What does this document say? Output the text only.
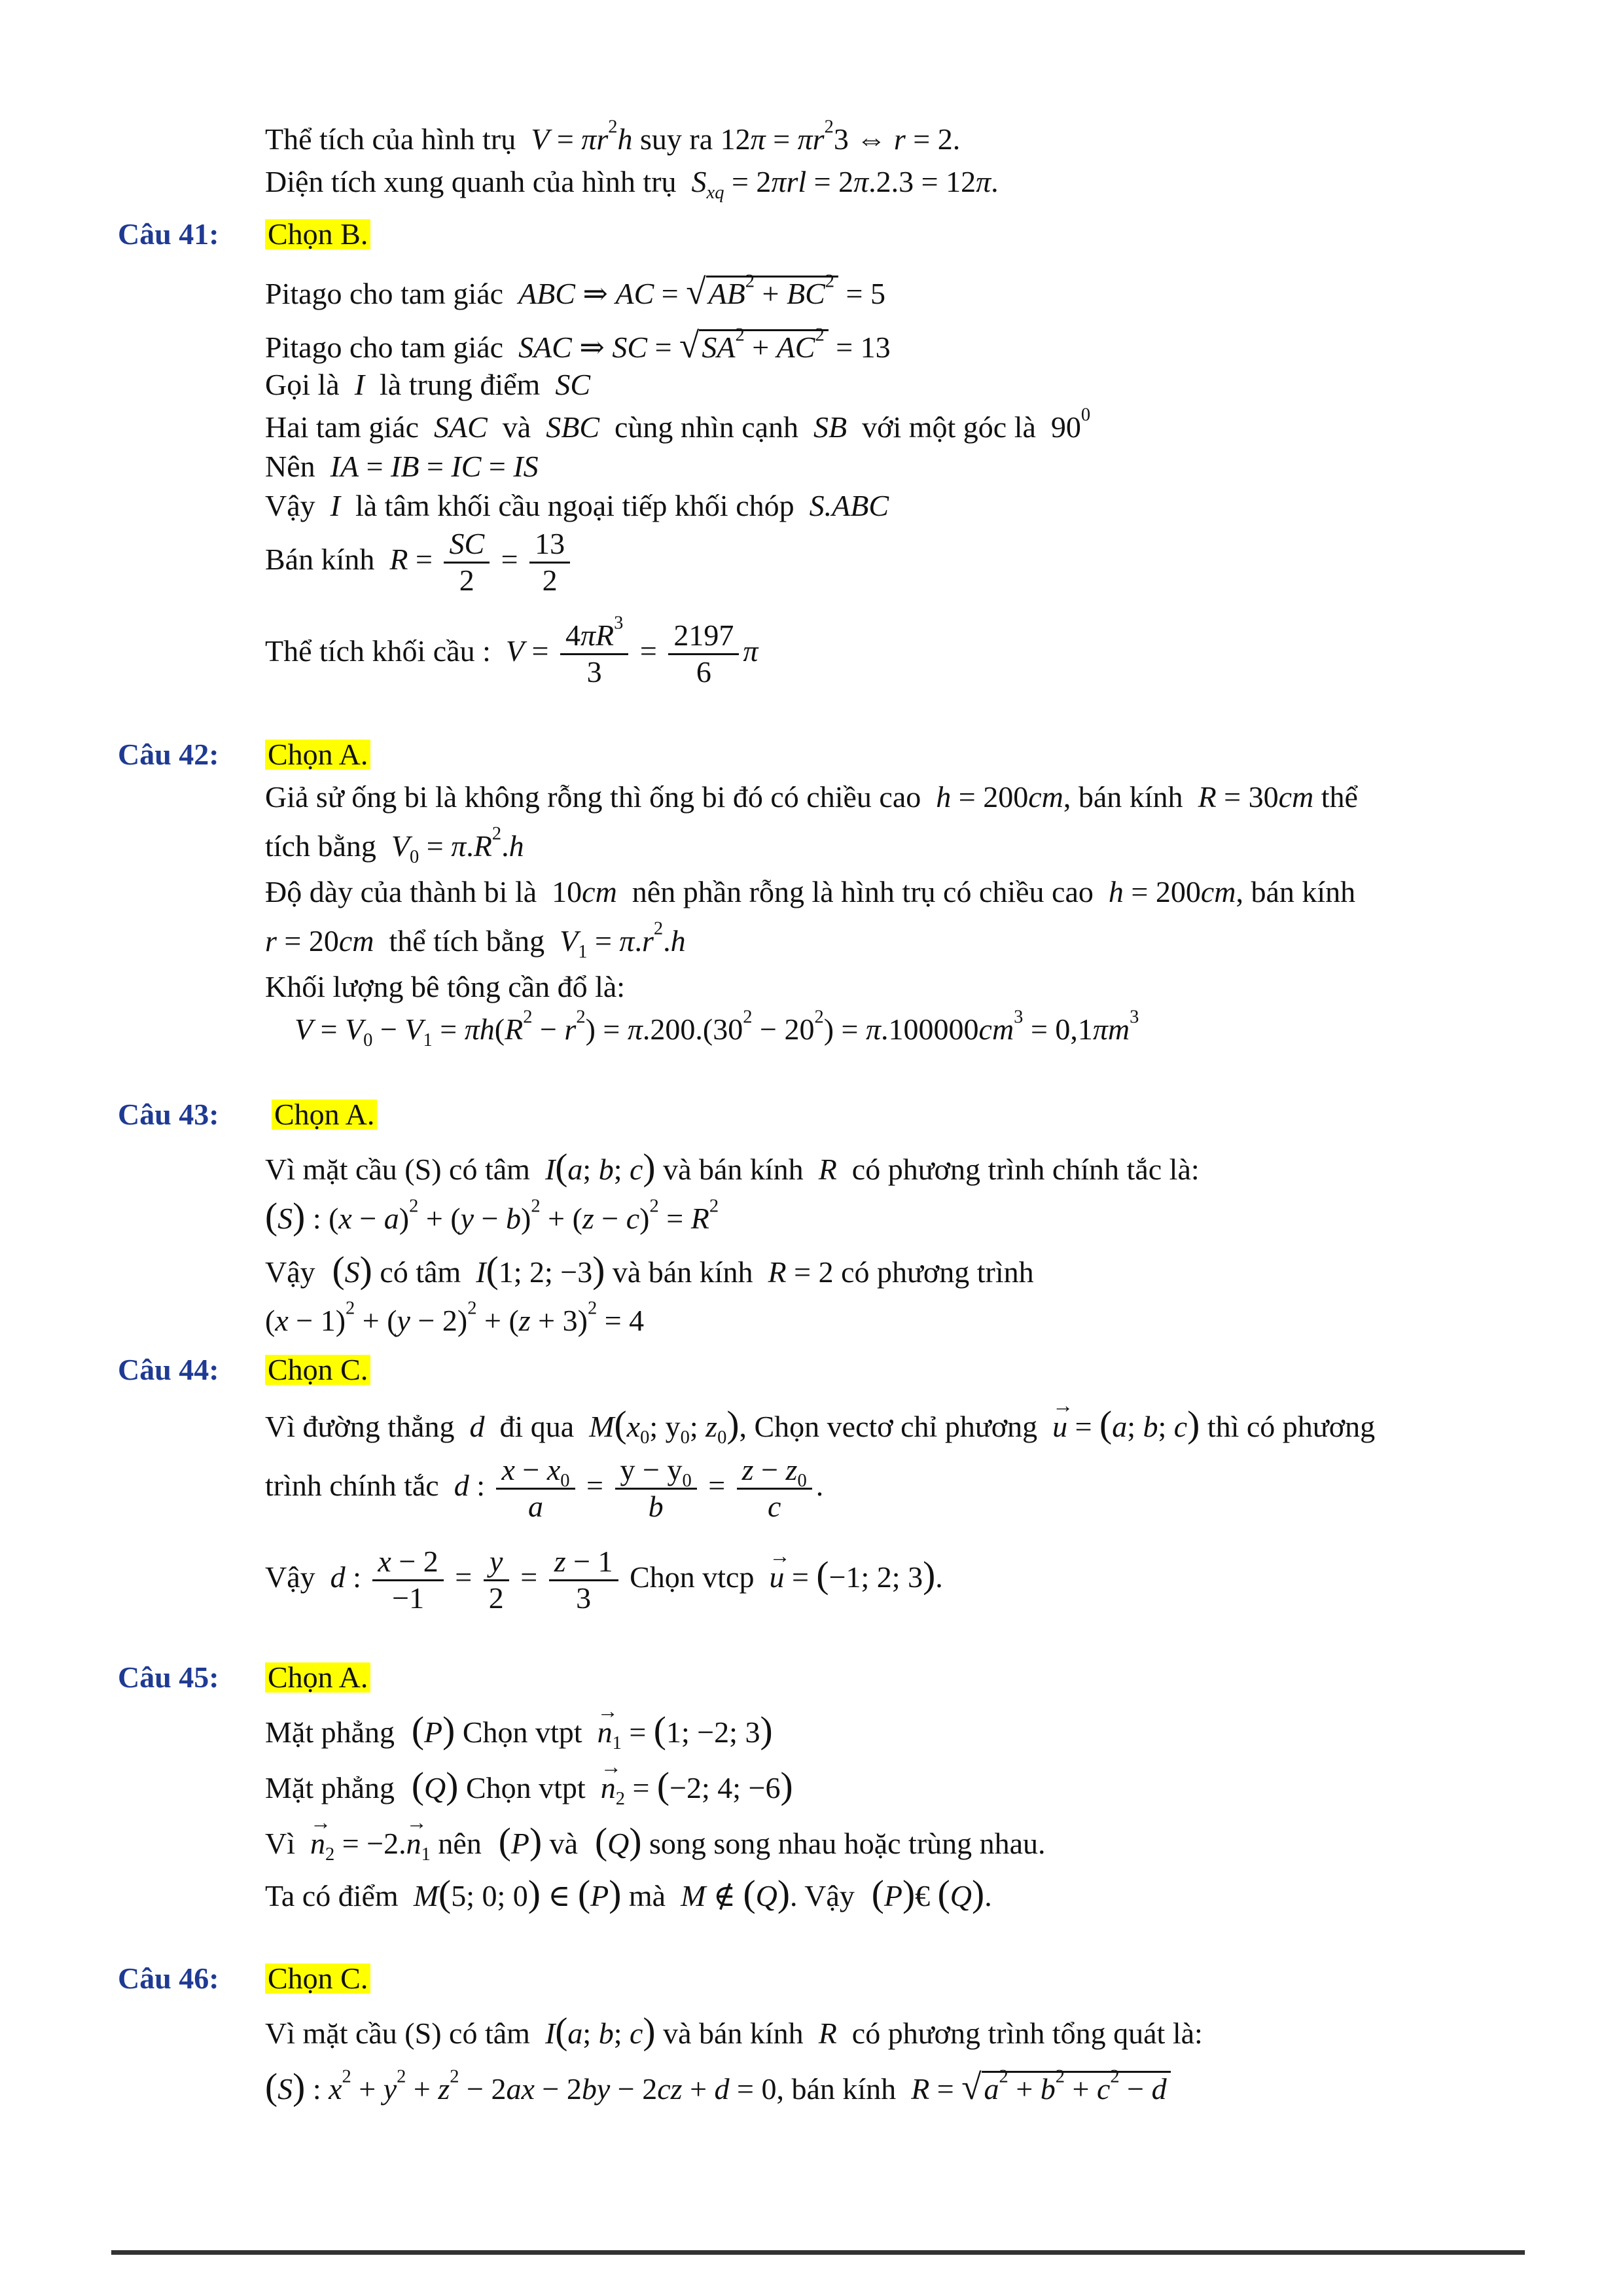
Thể tích của hình trụ  $V = \pi r^2h$ suy ra $12\pi = \pi r^23$ ⇔ r = 2.
Diện tích xung quanh của hình trụ  $S_{xq} = 2\pi rl = 2\pi.2.3 = 12\pi$.
Câu 41: Chọn B.
Pitago cho tam giác  ABC ⇒ AC = $√AB^2 + BC^2 = 5$
Pitago cho tam giác  SAC ⇒ SC = $√SA^2 + AC^2 = 13$
Gọi là  I  là trung điểm  SC
Hai tam giác  SAC  và  SBC  cùng nhìn cạnh  SB  với một góc là  $90^0$
Nên  IA = IB = IC = IS
Vậy  I  là tâm khối cầu ngoại tiếp khối chóp  S.ABC
Bán kính  $R = \frac{SC}{2} = \frac{13}{2}$
Thể tích khối cầu :  $V = \frac{4\pi R^3}{3} = \frac{2197}{6}$ π
Câu 42: Chọn A.
Giả sử ống bi là không rỗng thì ống bi đó có chiều cao  h = 200cm, bán kính  R = 30cm thể
tích bằng  $V_0 = \pi.R^2.h$
Độ dày của thành bi là  10cm  nên phần rỗng là hình trụ có chiều cao  h = 200cm, bán kính
r = 20cm  thể tích bằng  $V_1 = \pi.r^2.h$
Khối lượng bê tông cần đổ là:
$V = V_0 - V_1 = \pi h(R^2 - r^2) = \pi.200.(30^2 - 20^2) = \pi.100000cm^3 = 0,1\pi m^3$
Câu 43: Chọn A.
Vì mặt cầu (S) có tâm  I(a; b; c) và bán kính  R  có phương trình chính tắc là:
(S) : $(x - a)^2 + (y - b)^2 + (z - c)^2 = R^2$
Vậy  (S) có tâm  I(1; 2; −3) và bán kính  R = 2 có phương trình
$(x - 1)^2 + (y - 2)^2 + (z + 3)^2 = 4$
Câu 44: Chọn C.
Vì đường thẳng  d  đi qua  $M(x_0$; $y_0$; $z_0$), Chọn vectơ chỉ phương → u = (a; b; c) thì có phương
trình chính tắc  d : $\frac{x - x_0}{a} = \frac{y - y_0}{b} = \frac{z - z_0}{c}$ .
Vậy  d : $\frac{x - 2}{-1} = \frac{y}{2} = \frac{z - 1}{3}$ Chọn vtcp → u = (−1; 2; 3).
Câu 45: Chọn A.
Mặt phẳng  (P) Chọn vtpt → $n_1 = (1$; −2; 3)
Mặt phẳng  (Q) Chọn vtpt → $n_2 = (-2$; 4; −6)
Vì → $n_2 = -2.\to n_1$ nên  (P) và  (Q) song song nhau hoặc trùng nhau.
Ta có điểm  M(5; 0; 0) ∈ (P) mà  M ∉ (Q). Vậy  (P)€ (Q).
Câu 46: Chọn C.
Vì mặt cầu (S) có tâm  I(a; b; c) và bán kính  R  có phương trình tổng quát là:
(S) : $x^2 + y^2 + z^2 - 2ax - 2by - 2cz + d = 0$, bán kính  $R = √a^2 + b^2 + c^2 - d$
